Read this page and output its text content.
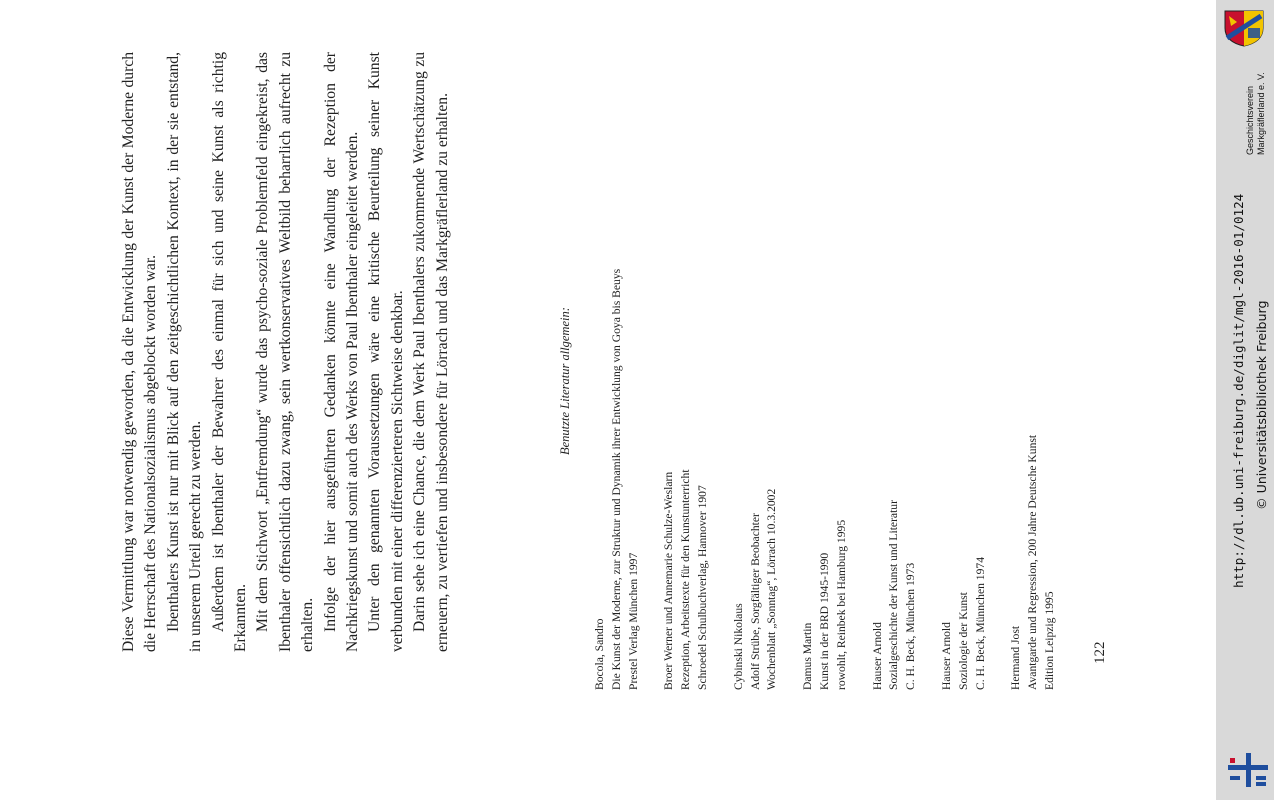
Diese Vermittlung war notwendig geworden, da die Entwicklung der Kunst der Moderne durch die Herrschaft des Nationalsozialismus abgeblockt worden war. Ibenthalers Kunst ist nur mit Blick auf den zeitgeschichtlichen Kontext, in der sie entstand, in unserem Urteil gerecht zu werden. Außerdem ist Ibenthaler der Bewahrer des einmal für sich und seine Kunst als richtig Erkannten. Mit dem Stichwort „Entfremdung“ wurde das psycho-soziale Problemfeld eingekreist, das Ibenthaler offensichtlich dazu zwang, sein wertkonservatives Weltbild beharrlich aufrecht zu erhalten. Infolge der hier ausgeführten Gedanken könnte eine Wandlung der Rezeption der Nachkriegskunst und somit auch des Werks von Paul Ibenthaler eingeleitet werden. Unter den genannten Voraussetzungen wäre eine kritische Beurteilung seiner Kunst verbunden mit einer differenzierteren Sichtweise denkbar. Darin sehe ich eine Chance, die dem Werk Paul Ibenthalers zukommende Wertschätzung zu erneuern, zu vertiefen und insbesondere für Lörrach und das Markgräflerland zu erhalten.	Benutzte Literatur allgemein:
Bocola, Sandro Die Kunst der Moderne, zur Struktur und Dynamik ihrer Entwicklung von Goya bis Beuys Prestel Verlag München 1997 Broer Werner und Annemarie Schulze-Weslarn Rezeption, Arbeitstexte für den Kunstunterricht Schroedel Schulbuchverlag, Hannover 1907 Cybinski Nikolaus Adolf Strübe, Sorgfältiger Beobachter Wochenblatt „Sonntag“, Lörrach 10.3.2002 Damus Martin Kunst in der BRD 1945-1990 rowohlt, Reinbek bei Hamburg 1995 Hauser Arnold Sozialgeschichte der Kunst und Literatur C. H. Beck, München 1973 Hauser Arnold Soziologie der Kunst C. H. Beck, Münnchen 1974 Hermand Jost Avantgarde und Regression, 200 Jahre Deutsche Kunst Edition Leipzig 1995 122
Geschichtsverein Markgräflerland e. V.
http://dl.ub.uni-freiburg.de/diglit/mgl-2016-01/0124 © Universitätsbibliothek Freiburg
